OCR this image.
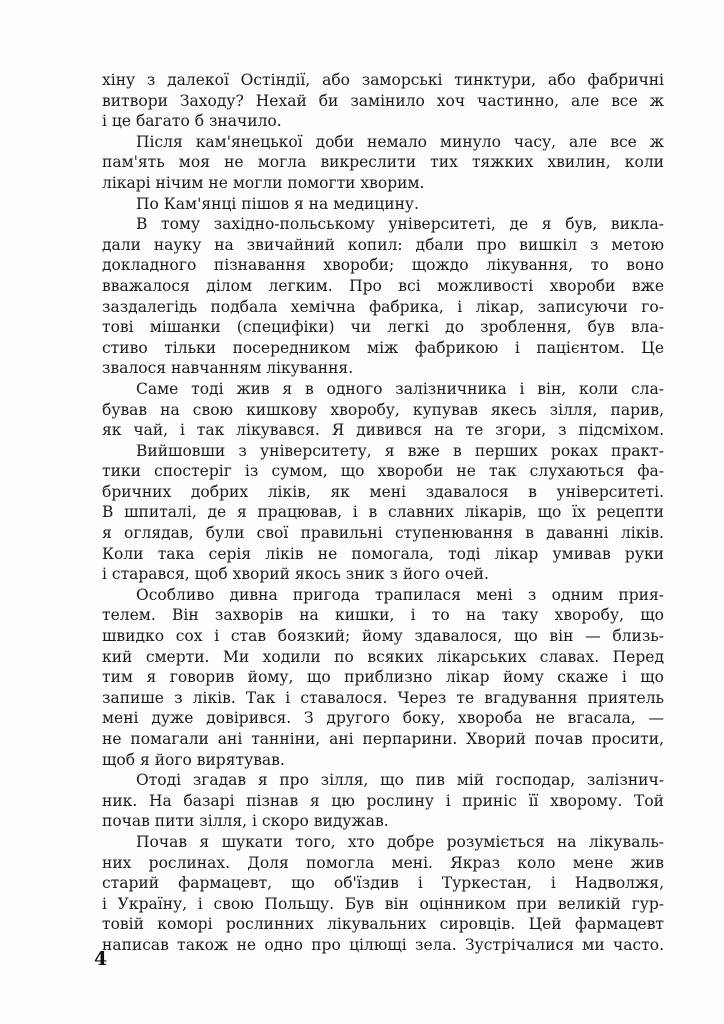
хіну з далекої Остіндії, або заморські тинктури, або фабричні
витвори Заходу? Нехай би замінило хоч частинно, але все ж
і це багато б значило.
Після кам'янецької доби немало минуло часу, але все ж
пам'ять моя не могла викреслити тих тяжких хвилин, коли
лікарі нічим не могли помогти хворим.
По Кам'янці пішов я на медицину.
В тому західно-польському університеті, де я був, викла-
дали науку на звичайний копил: дбали про вишкіл з метою
докладного пізнавання хвороби; щождо лікування, то воно
вважалося ділом легким. Про всі можливості хвороби вже
заздалегідь подбала хемічна фабрика, і лікар, записуючи го-
тові мішанки (специфіки) чи легкі до зроблення, був вла-
стиво тільки посередником між фабрикою і пацієнтом. Це
звалося навчанням лікування.
Саме тоді жив я в одного залізничника і він, коли сла-
бував на свою кишкову хворобу, купував якесь зілля, парив,
як чай, і так лікувався. Я дивився на те згори, з підсміхом.
Вийшовши з університету, я вже в перших роках практ-
тики спостеріг із сумом, що хвороби не так слухаються фа-
бричних добрих ліків, як мені здавалося в університеті.
В шпиталі, де я працював, і в славних лікарів, що їх рецепти
я оглядав, були свої правильні ступенювання в даванні ліків.
Коли така серія ліків не помогала, тоді лікар умивав руки
і старався, щоб хворий якось зник з його очей.
Особливо дивна пригода трапилася мені з одним прия-
телем. Він захворів на кишки, і то на таку хворобу, що
швидко сох і став боязкий; йому здавалося, що він — близь-
кий смерти. Ми ходили по всяких лікарських славах. Перед
тим я говорив йому, що приблизно лікар йому скаже і що
запише з ліків. Так і ставалося. Через те вгадування приятель
мені дуже довірився. З другого боку, хвороба не вгасала, —
не помагали ані танніни, ані перпарини. Хворий почав просити,
щоб я його вирятував.
Отоді згадав я про зілля, що пив мій господар, залізнич-
ник. На базарі пізнав я цю рослину і приніс її хворому. Той
почав пити зілля, і скоро видужав.
Почав я шукати того, хто добре розуміється на лікуваль-
них рослинах. Доля помогла мені. Якраз коло мене жив
старий фармацевт, що об'їздив і Туркестан, і Надволжя,
і Україну, і свою Польщу. Був він оцінником при великій гур-
товій коморі рослинних лікувальних сировців. Цей фармацевт
написав також не одно про цілющі зела. Зустрічалися ми часто.
4
